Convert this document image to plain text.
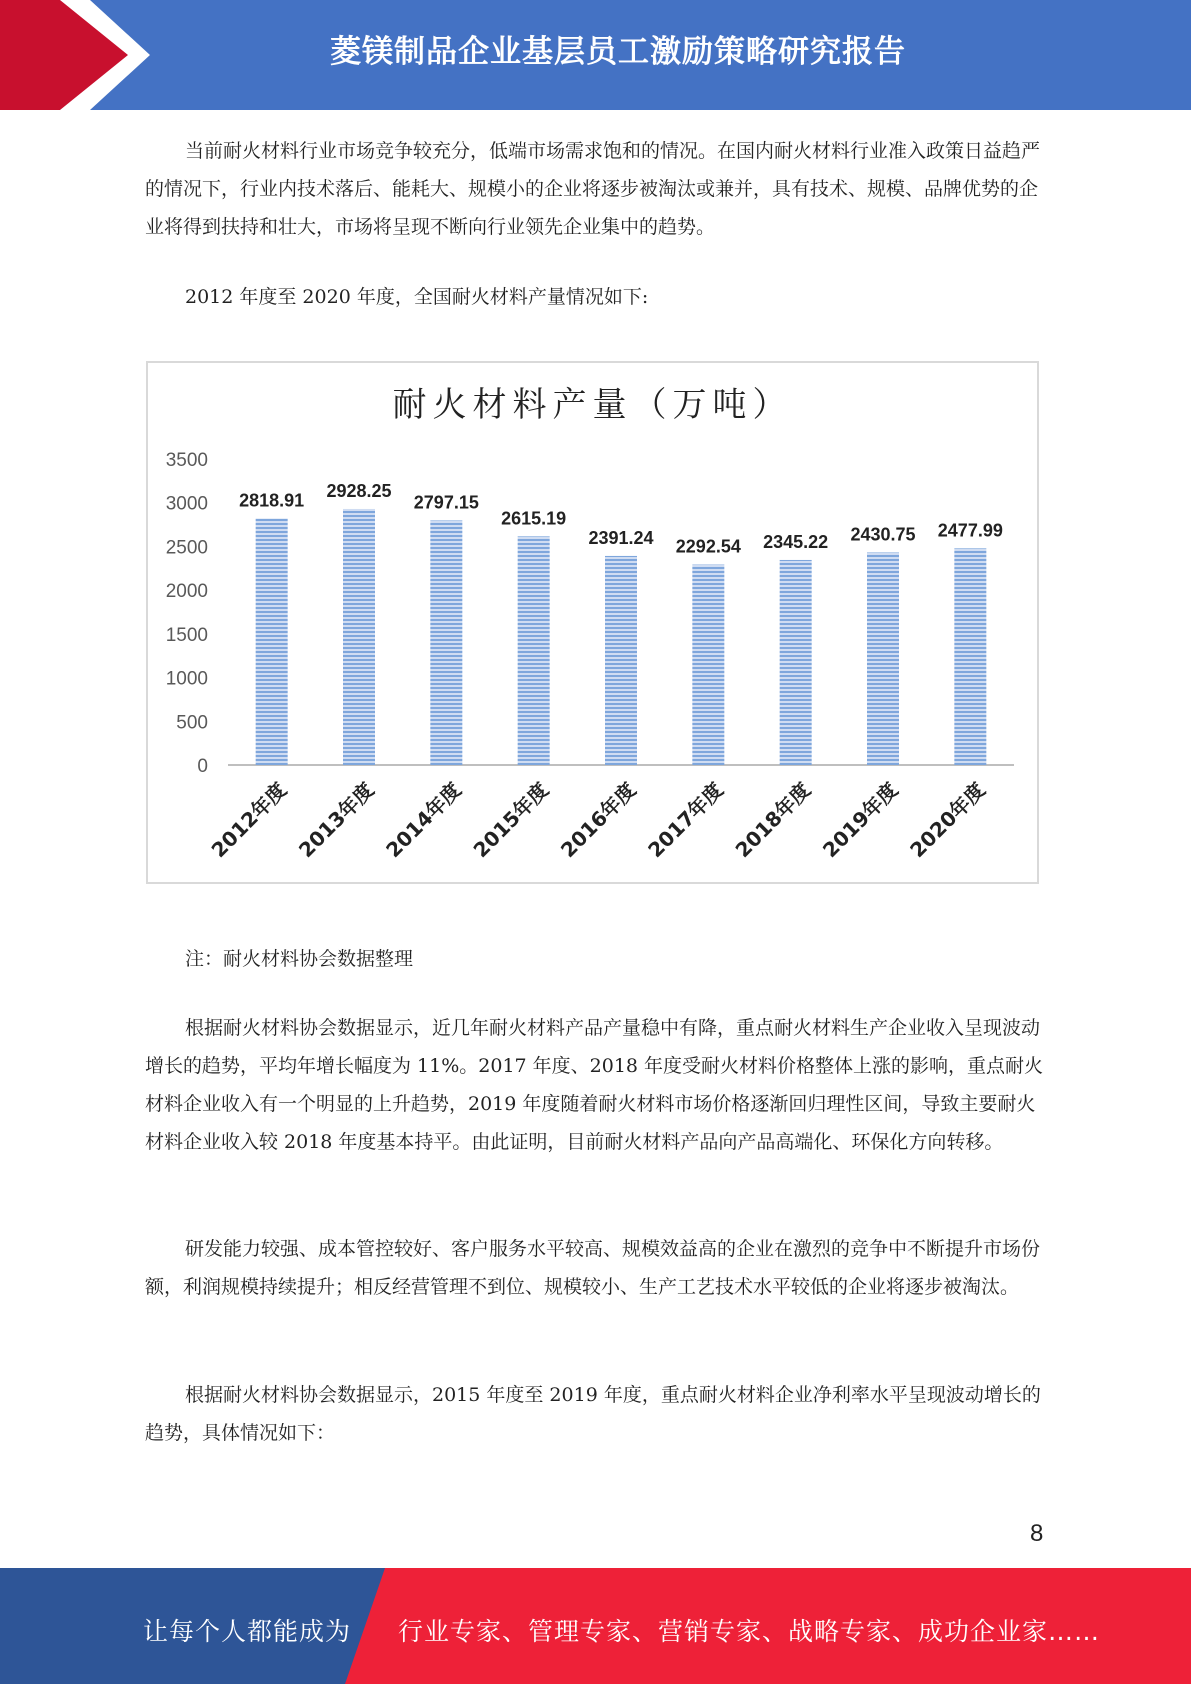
菱镁制品企业基层员工激励策略研究报告
当前耐火材料行业市场竞争较充分，低端市场需求饱和的情况。在国内耐火材料行业准入政策日益趋严的情况下，行业内技术落后、能耗大、规模小的企业将逐步被淘汰或兼并，具有技术、规模、品牌优势的企业将得到扶持和壮大，市场将呈现不断向行业领先企业集中的趋势。
2012 年度至 2020 年度，全国耐火材料产量情况如下:
耐火材料产量（万吨）
0
500
1000
1500
2000
2500
3000
3500
2818.91
2012年度
2928.25
2013年度
2797.15
2014年度
2615.19
2015年度
2391.24
2016年度
2292.54
2017年度
2345.22
2018年度
2430.75
2019年度
2477.99
2020年度
注：耐火材料协会数据整理
根据耐火材料协会数据显示，近几年耐火材料产品产量稳中有降，重点耐火材料生产企业收入呈现波动增长的趋势，平均年增长幅度为 11%。2017 年度、2018 年度受耐火材料价格整体上涨的影响，重点耐火材料企业收入有一个明显的上升趋势，2019 年度随着耐火材料市场价格逐渐回归理性区间，导致主要耐火材料企业收入较 2018 年度基本持平。由此证明，目前耐火材料产品向产品高端化、环保化方向转移。
研发能力较强、成本管控较好、客户服务水平较高、规模效益高的企业在激烈的竞争中不断提升市场份额，利润规模持续提升；相反经营管理不到位、规模较小、生产工艺技术水平较低的企业将逐步被淘汰。
根据耐火材料协会数据显示，2015 年度至 2019 年度，重点耐火材料企业净利率水平呈现波动增长的趋势，具体情况如下：
8
让每个人都能成为 行业专家、管理专家、营销专家、战略专家、成功企业家……
